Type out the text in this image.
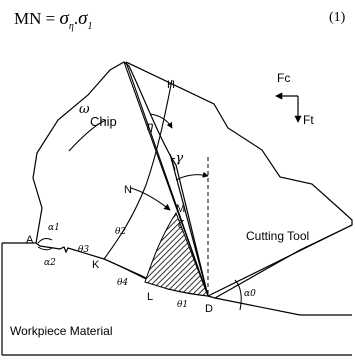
MN = $\sigma_\eta.\sigma_1$
(1)
Fc
Ft
Chip
Cutting Tool
Workpiece Material
H
N
M
A
K
L
D
ω
η
-γ
θ2
θ3
θ4
θ1
α1
α2
α0
ζ
